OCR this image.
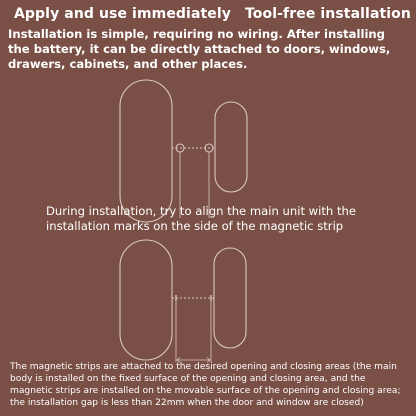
Apply and use immediately Tool-free installation
Installation is simple, requiring no wiring. After installing the battery, it can be directly attached to doors, windows, drawers, cabinets, and other places.
During installation, try to align the main unit with the installation marks on the side of the magnetic strip
The magnetic strips are attached to the desired opening and closing areas (the main body is installed on the fixed surface of the opening and closing area, and the magnetic strips are installed on the movable surface of the opening and closing area; the installation gap is less than 22mm when the door and window are closed)
